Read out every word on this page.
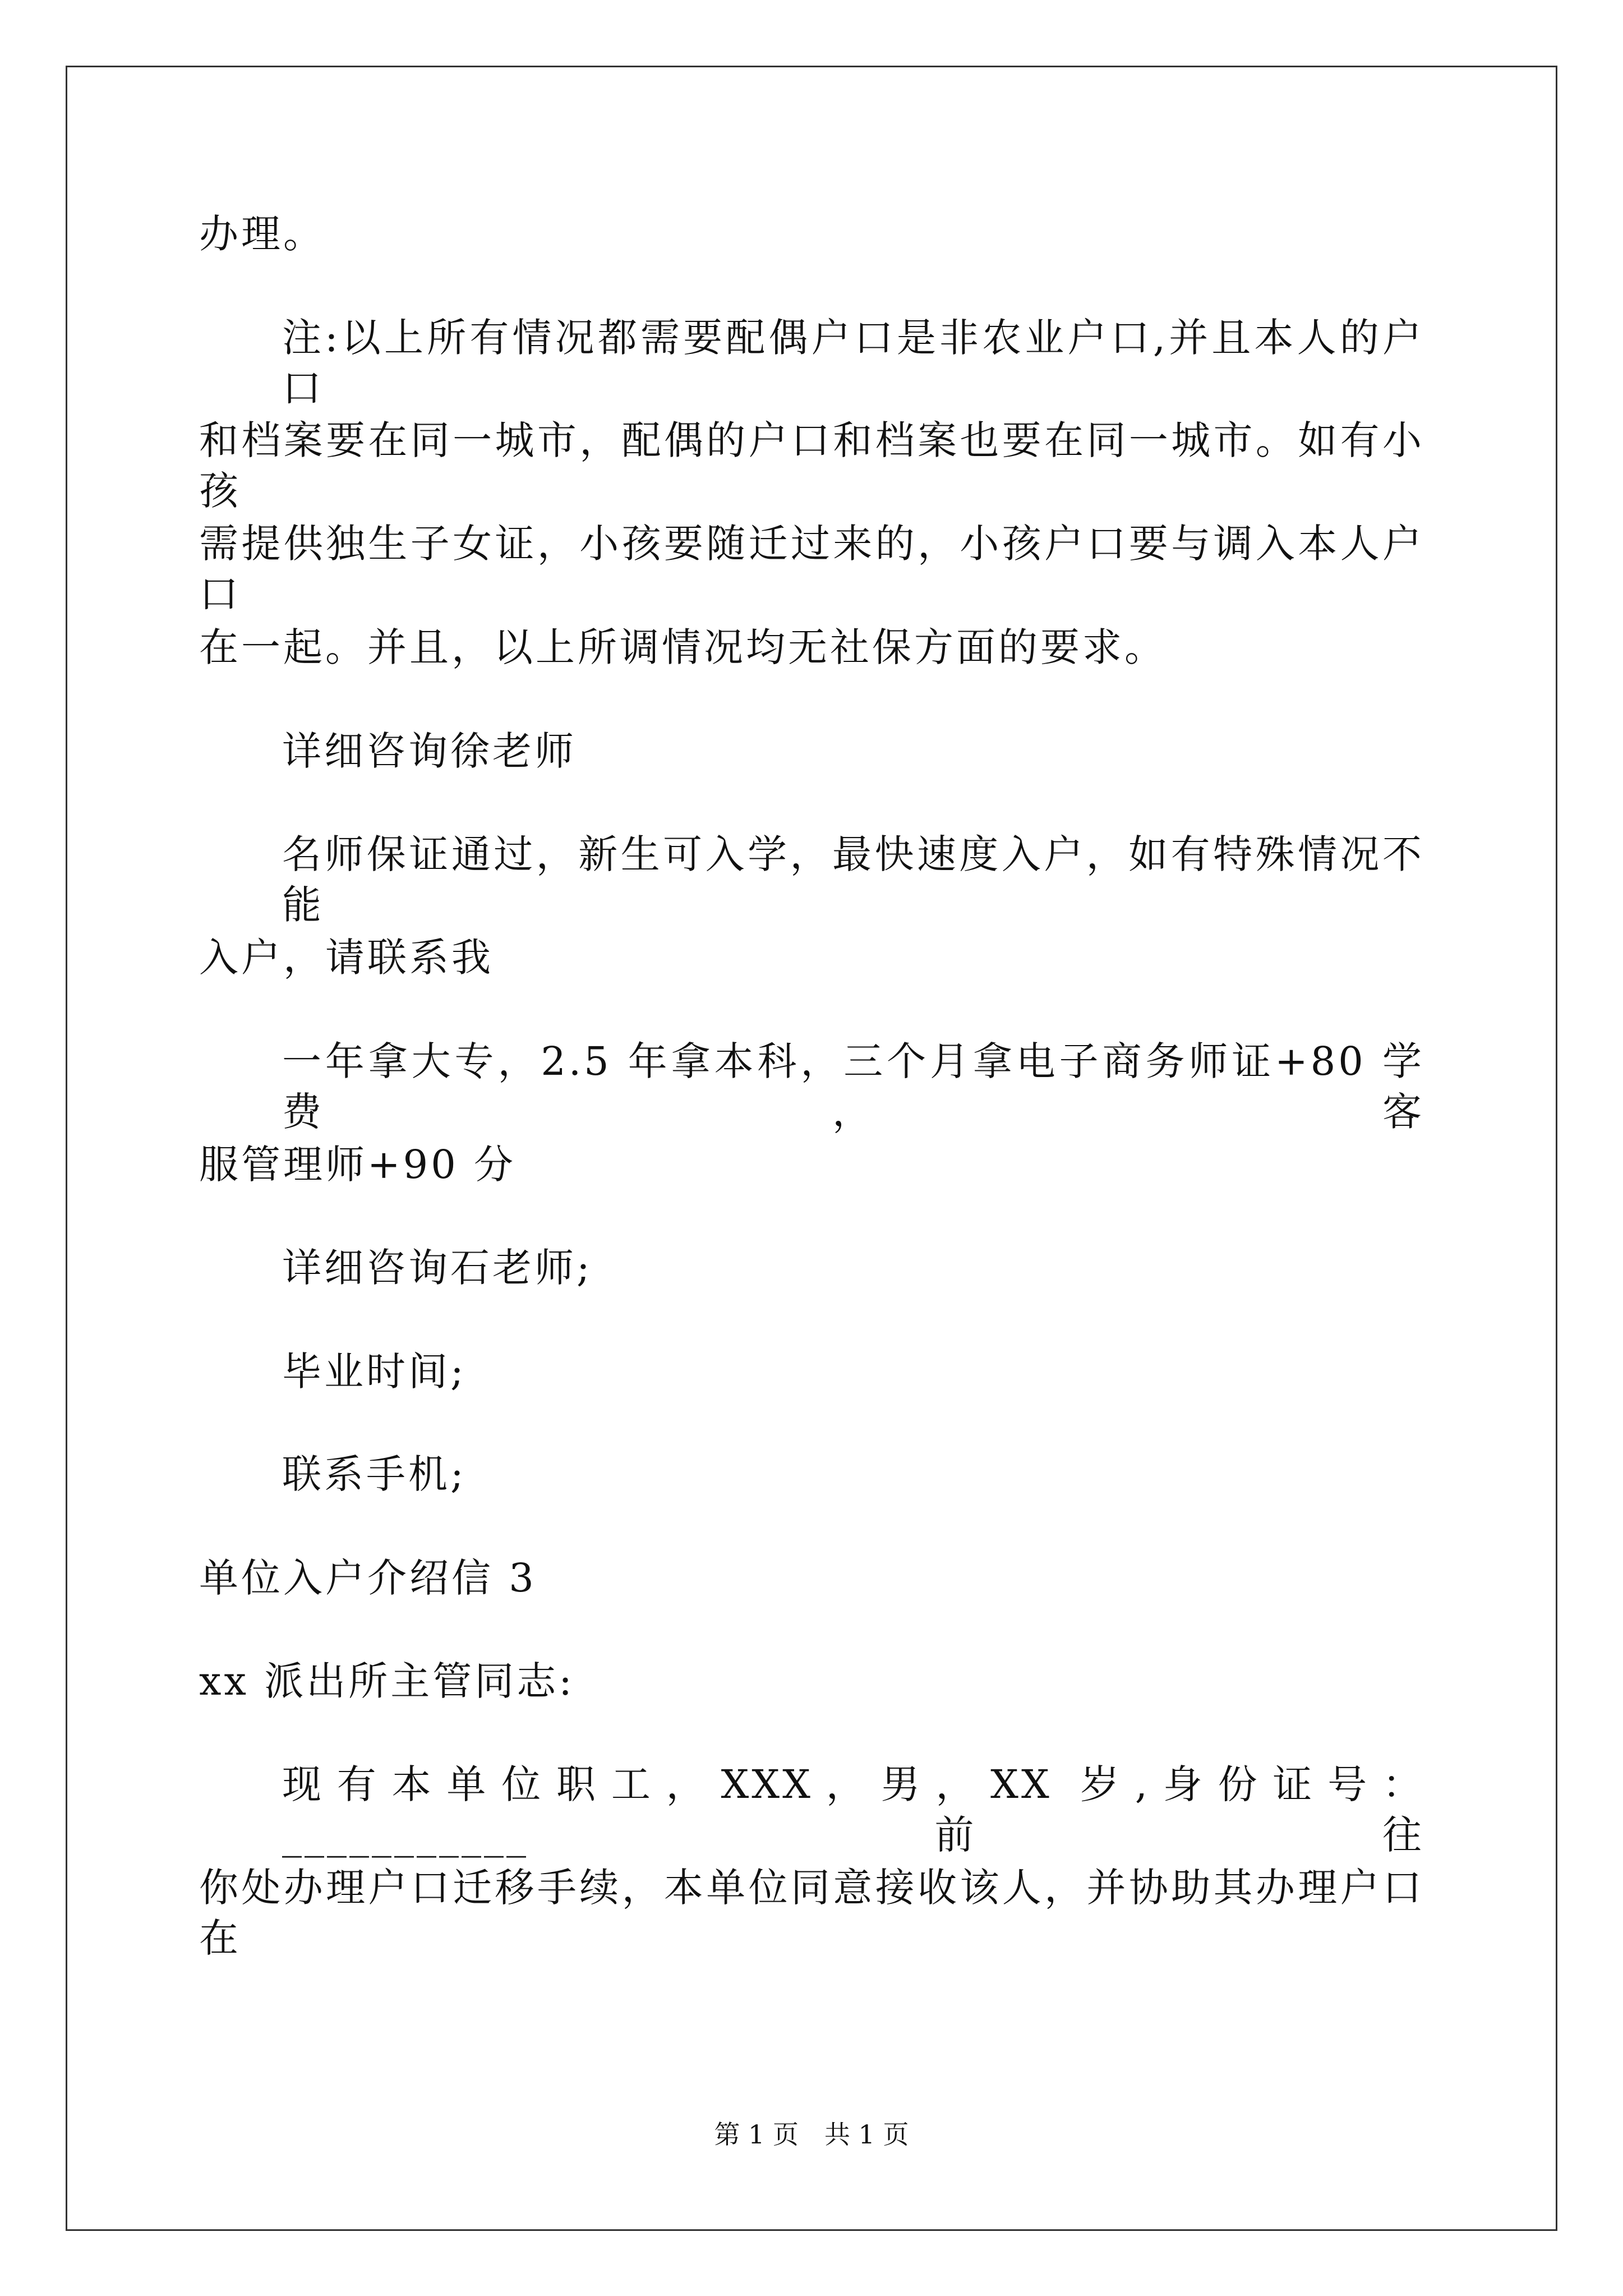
办理。
注:以上所有情况都需要配偶户口是非农业户口,并且本人的户口
和档案要在同一城市，配偶的户口和档案也要在同一城市。如有小孩
需提供独生子女证，小孩要随迁过来的，小孩户口要与调入本人户口
在一起。并且，以上所调情况均无社保方面的要求。
详细咨询徐老师
名师保证通过，新生可入学，最快速度入户，如有特殊情况不能
入户，请联系我
一年拿大专，2.5 年拿本科，三个月拿电子商务师证+80 学费，客
服管理师+90 分
详细咨询石老师;
毕业时间;
联系手机;
单位入户介绍信 3
xx 派出所主管同志:
现有本单位职工，XXX，男，XX 岁,身份证号：___________前往
你处办理户口迁移手续，本单位同意接收该人，并协助其办理户口在
第 1 页　共 1 页
